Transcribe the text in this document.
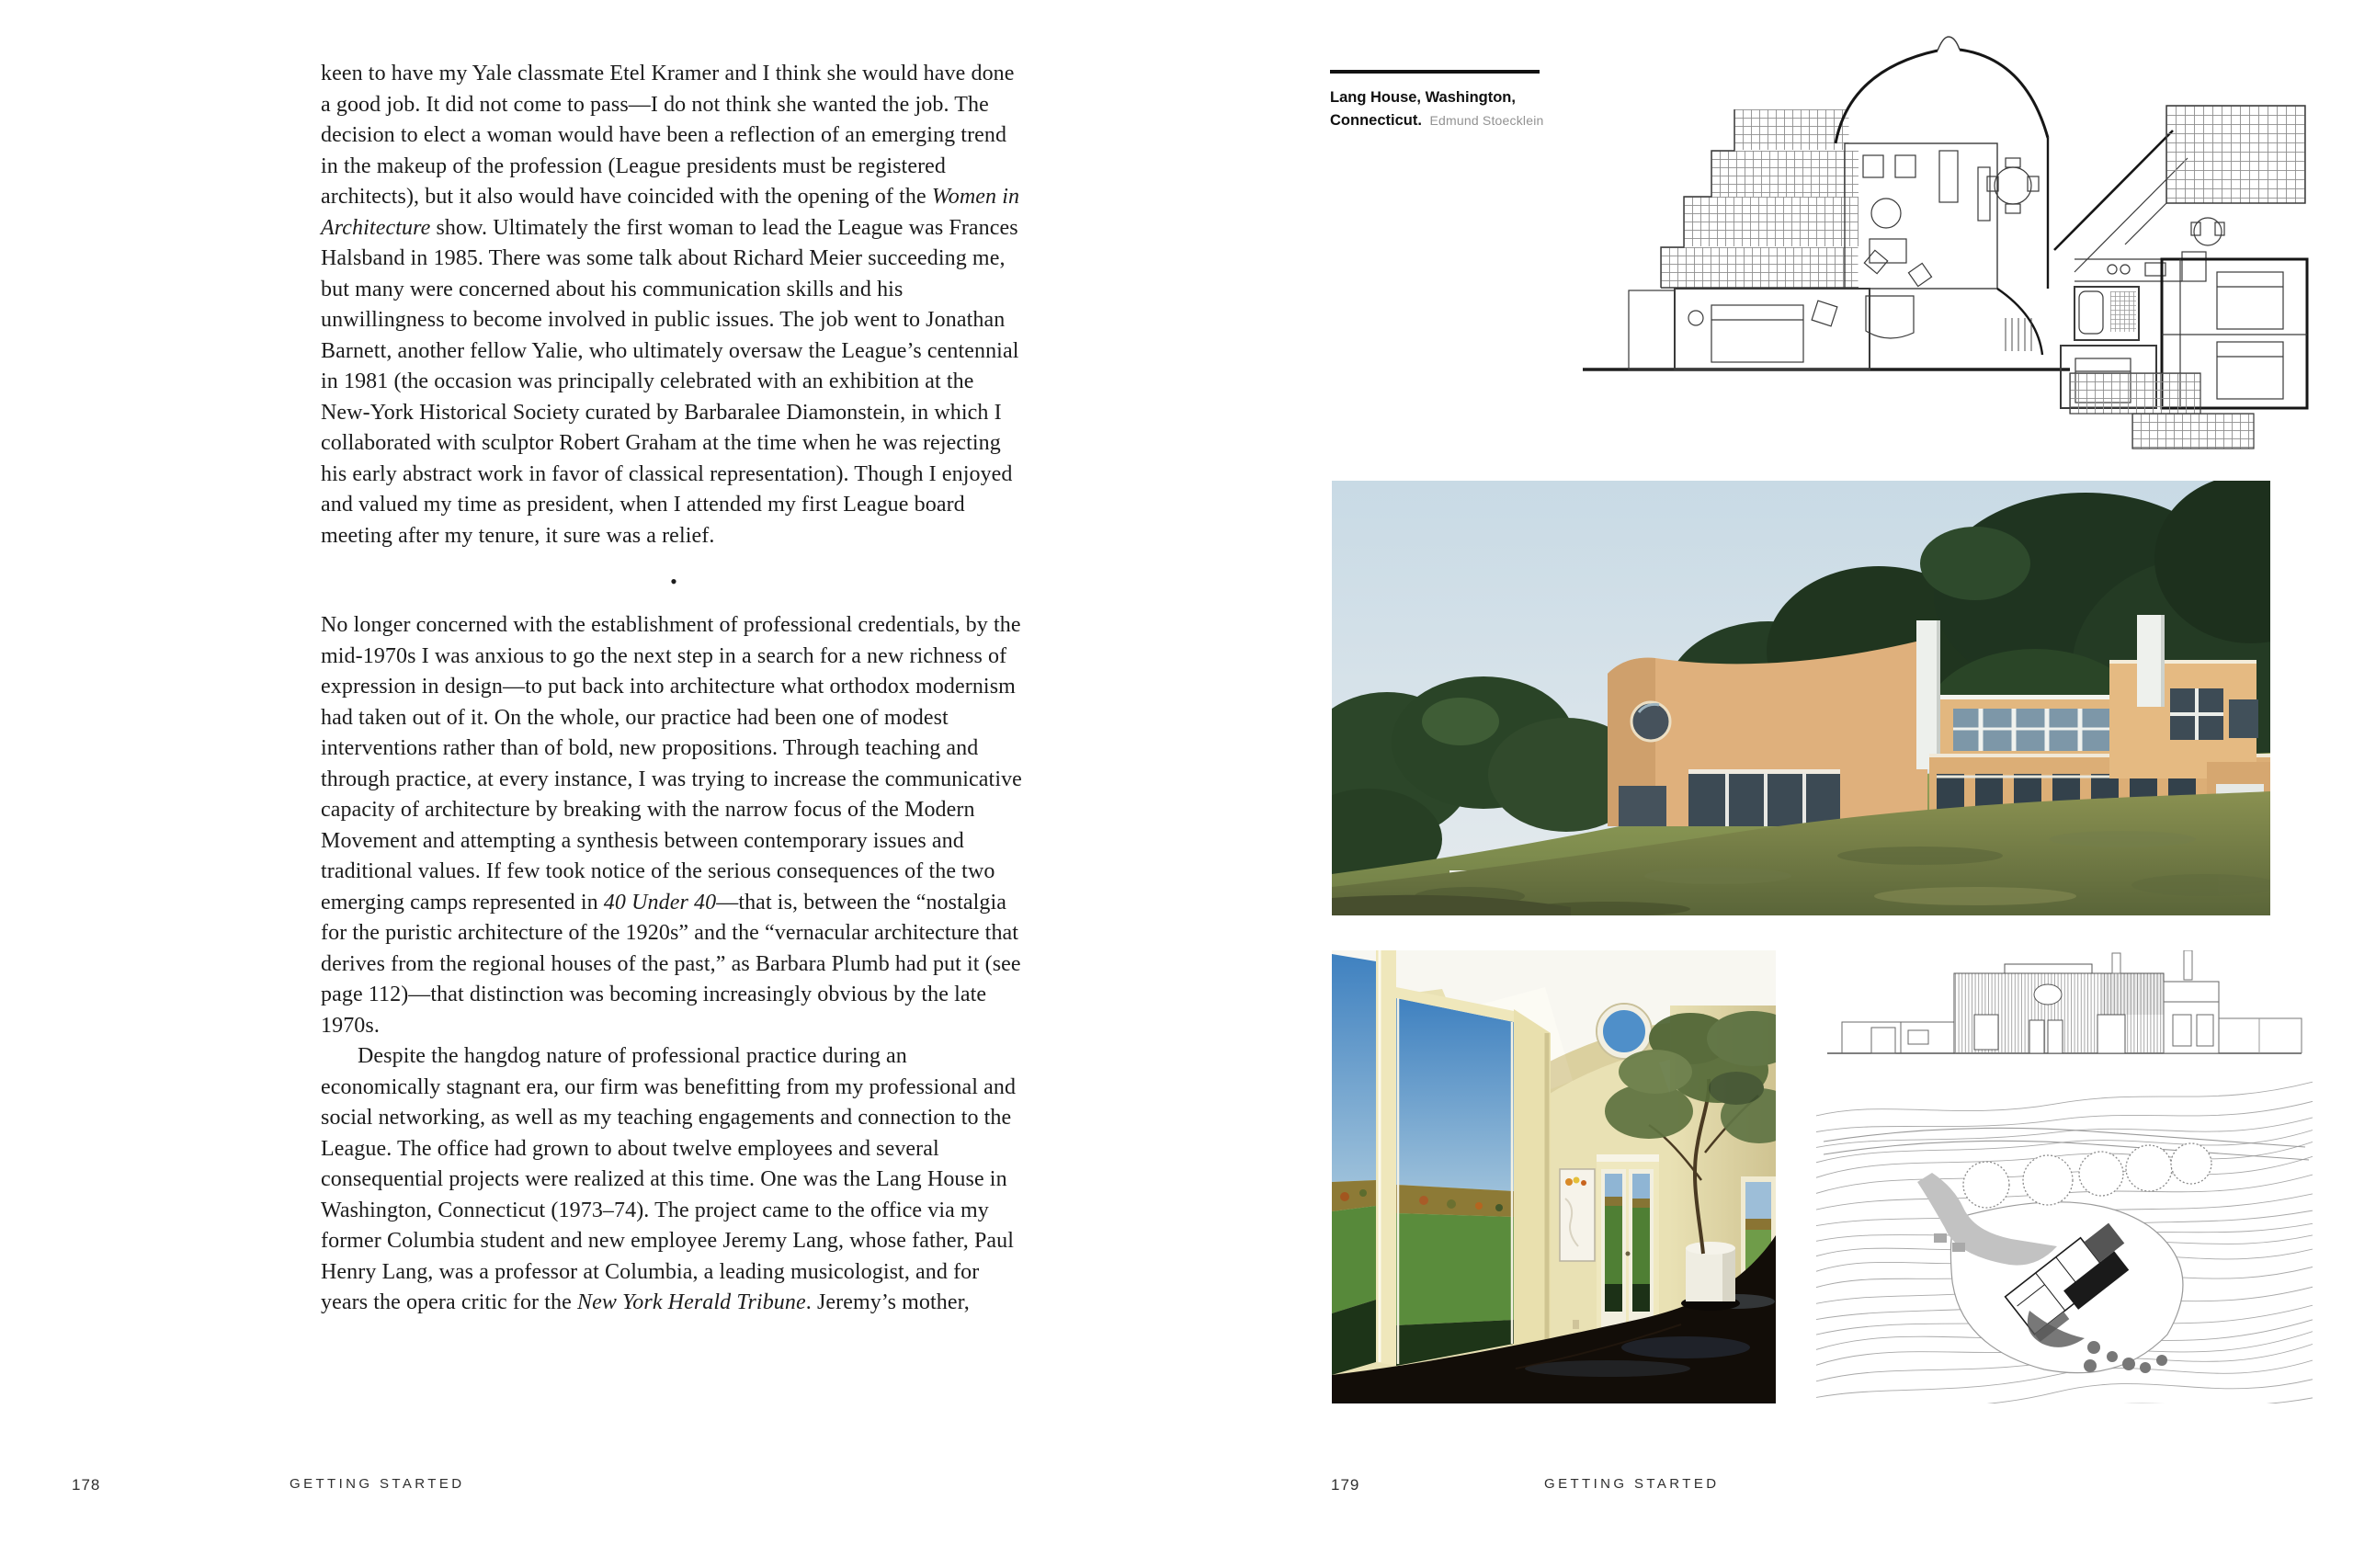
keen to have my Yale classmate Etel Kramer and I think she would have done a good job. It did not come to pass—I do not think she wanted the job. The decision to elect a woman would have been a reflection of an emerging trend in the makeup of the profession (League presidents must be registered architects), but it also would have coincided with the opening of the Women in Architecture show. Ultimately the first woman to lead the League was Frances Halsband in 1985. There was some talk about Richard Meier succeeding me, but many were concerned about his communication skills and his unwillingness to become involved in public issues. The job went to Jonathan Barnett, another fellow Yalie, who ultimately oversaw the League’s centennial in 1981 (the occasion was principally celebrated with an exhibition at the New-York Historical Society curated by Barbaralee Diamonstein, in which I collaborated with sculptor Robert Graham at the time when he was rejecting his early abstract work in favor of classical representation). Though I enjoyed and valued my time as president, when I attended my first League board meeting after my tenure, it sure was a relief.

•

No longer concerned with the establishment of professional credentials, by the mid-1970s I was anxious to go the next step in a search for a new richness of expression in design—to put back into architecture what orthodox modernism had taken out of it. On the whole, our practice had been one of modest interventions rather than of bold, new propositions. Through teaching and through practice, at every instance, I was trying to increase the communicative capacity of architecture by breaking with the narrow focus of the Modern Movement and attempting a synthesis between contemporary issues and traditional values. If few took notice of the serious consequences of the two emerging camps represented in 40 Under 40—that is, between the “nostalgia for the puristic architecture of the 1920s” and the “vernacular architecture that derives from the regional houses of the past,” as Barbara Plumb had put it (see page 112)—that distinction was becoming increasingly obvious by the late 1970s.

Despite the hangdog nature of professional practice during an economically stagnant era, our firm was benefitting from my professional and social networking, as well as my teaching engagements and connection to the League. The office had grown to about twelve employees and several consequential projects were realized at this time. One was the Lang House in Washington, Connecticut (1973–74). The project came to the office via my former Columbia student and new employee Jeremy Lang, whose father, Paul Henry Lang, was a professor at Columbia, a leading musicologist, and for years the opera critic for the New York Herald Tribune. Jeremy’s mother,

178	GETTING STARTED
Lang House, Washington, Connecticut. Edmund Stoecklein
179	GETTING STARTED
